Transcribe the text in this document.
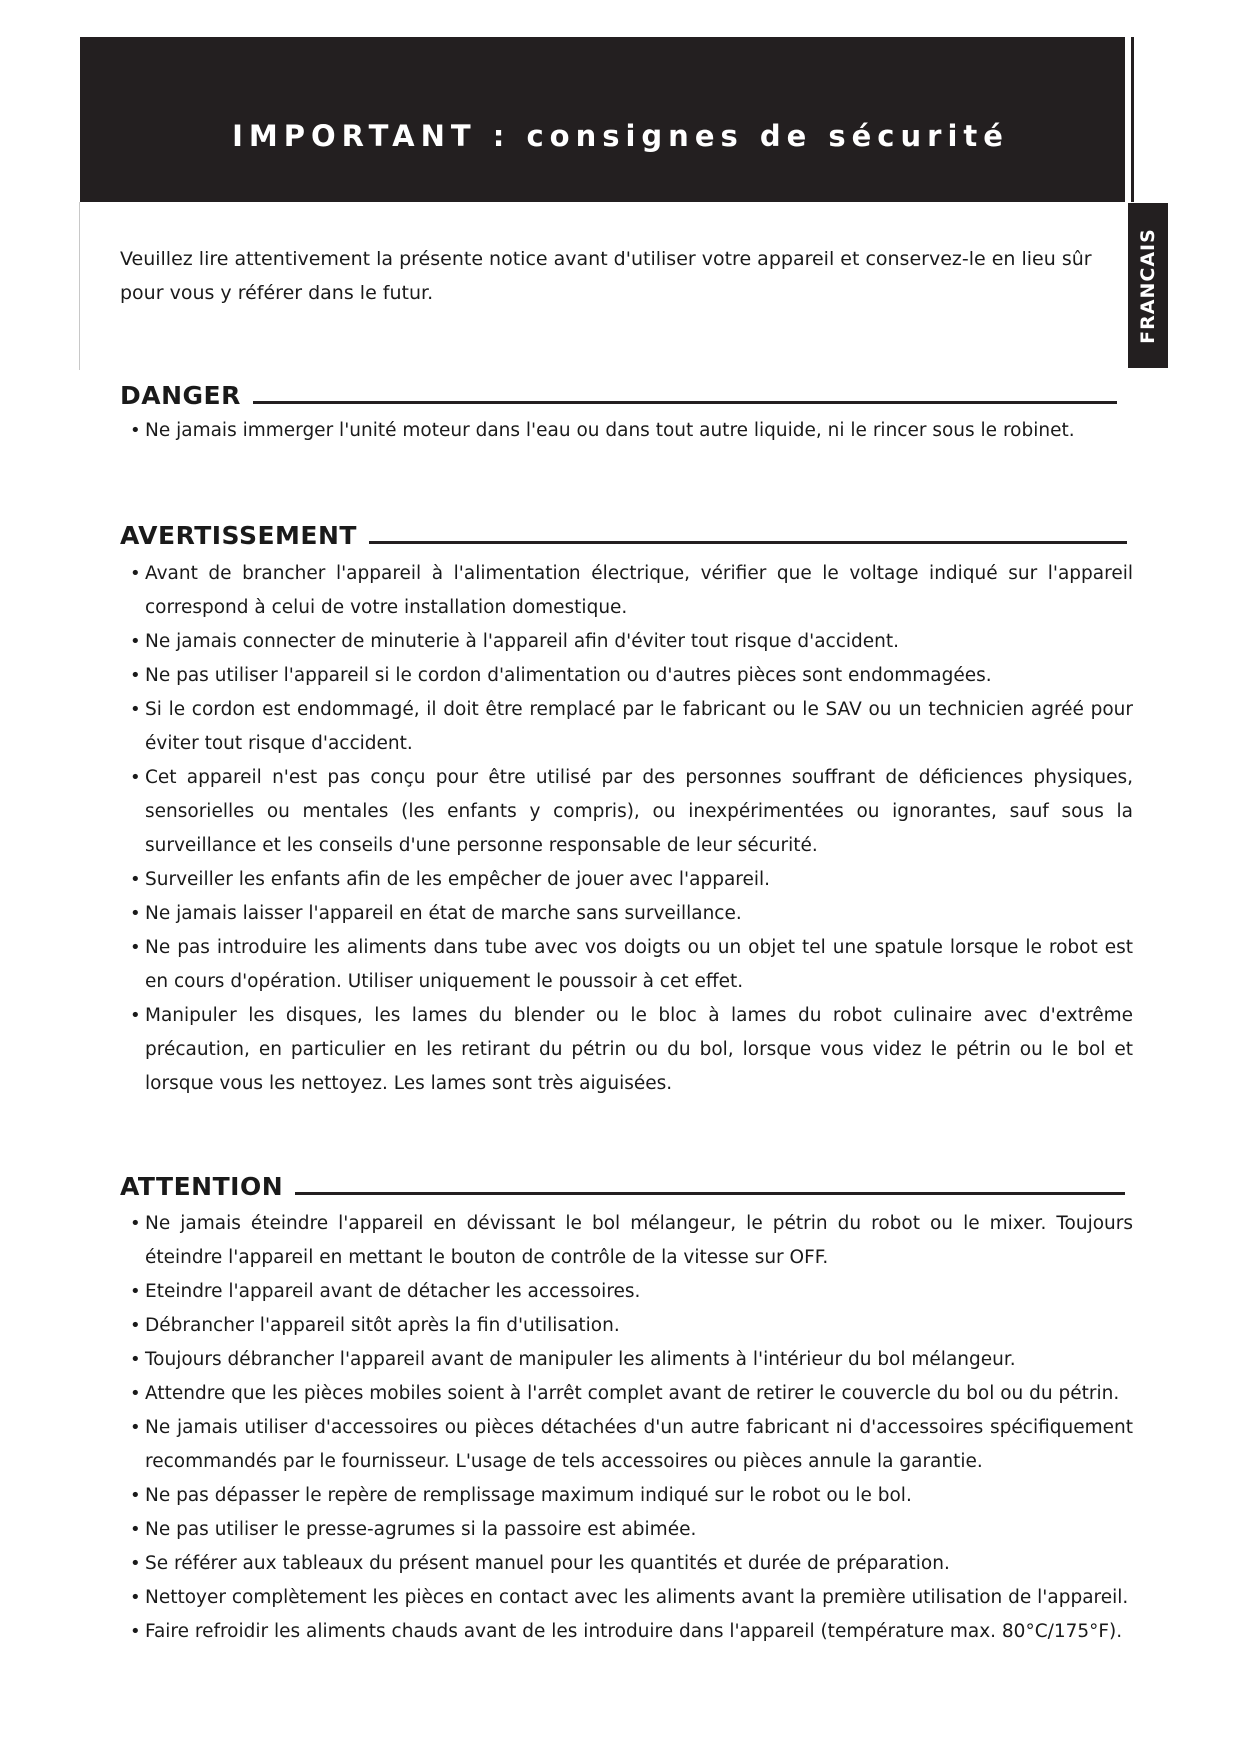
IMPORTANT : consignes de sécurité
FRANCAIS

Veuillez lire attentivement la présente notice avant d'utiliser votre appareil et conservez-le en lieu sûr pour vous y référer dans le futur.

DANGER
• Ne jamais immerger l'unité moteur dans l'eau ou dans tout autre liquide, ni le rincer sous le robinet.
AVERTISSEMENT
• Avant de brancher l'appareil à l'alimentation électrique, vérifier que le voltage indiqué sur l'appareil correspond à celui de votre installation domestique.
• Ne jamais connecter de minuterie à l'appareil afin d'éviter tout risque d'accident.
• Ne pas utiliser l'appareil si le cordon d'alimentation ou d'autres pièces sont endommagées.
• Si le cordon est endommagé, il doit être remplacé par le fabricant ou le SAV ou un technicien agréé pour éviter tout risque d'accident.
• Cet appareil n'est pas conçu pour être utilisé par des personnes souffrant de déficiences physiques, sensorielles ou mentales (les enfants y compris), ou inexpérimentées ou ignorantes, sauf sous la surveillance et les conseils d'une personne responsable de leur sécurité.
• Surveiller les enfants afin de les empêcher de jouer avec l'appareil.
• Ne jamais laisser l'appareil en état de marche sans surveillance.
• Ne pas introduire les aliments dans tube avec vos doigts ou un objet tel une spatule lorsque le robot est en cours d'opération. Utiliser uniquement le poussoir à cet effet.
• Manipuler les disques, les lames du blender ou le bloc à lames du robot culinaire avec d'extrême précaution, en particulier en les retirant du pétrin ou du bol, lorsque vous videz le pétrin ou le bol et lorsque vous les nettoyez. Les lames sont très aiguisées.
ATTENTION
• Ne jamais éteindre l'appareil en dévissant le bol mélangeur, le pétrin du robot ou le mixer. Toujours éteindre l'appareil en mettant le bouton de contrôle de la vitesse sur OFF.
• Eteindre l'appareil avant de détacher les accessoires.
• Débrancher l'appareil sitôt après la fin d'utilisation.
• Toujours débrancher l'appareil avant de manipuler les aliments à l'intérieur du bol mélangeur.
• Attendre que les pièces mobiles soient à l'arrêt complet avant de retirer le couvercle du bol ou du pétrin.
• Ne jamais utiliser d'accessoires ou pièces détachées d'un autre fabricant ni d'accessoires spécifiquement recommandés par le fournisseur. L'usage de tels accessoires ou pièces annule la garantie.
• Ne pas dépasser le repère de remplissage maximum indiqué sur le robot ou le bol.
• Ne pas utiliser le presse-agrumes si la passoire est abimée.
• Se référer aux tableaux du présent manuel pour les quantités et durée de préparation.
• Nettoyer complètement les pièces en contact avec les aliments avant la première utilisation de l'appareil.
• Faire refroidir les aliments chauds avant de les introduire dans l'appareil (température max. 80°C/175°F).
